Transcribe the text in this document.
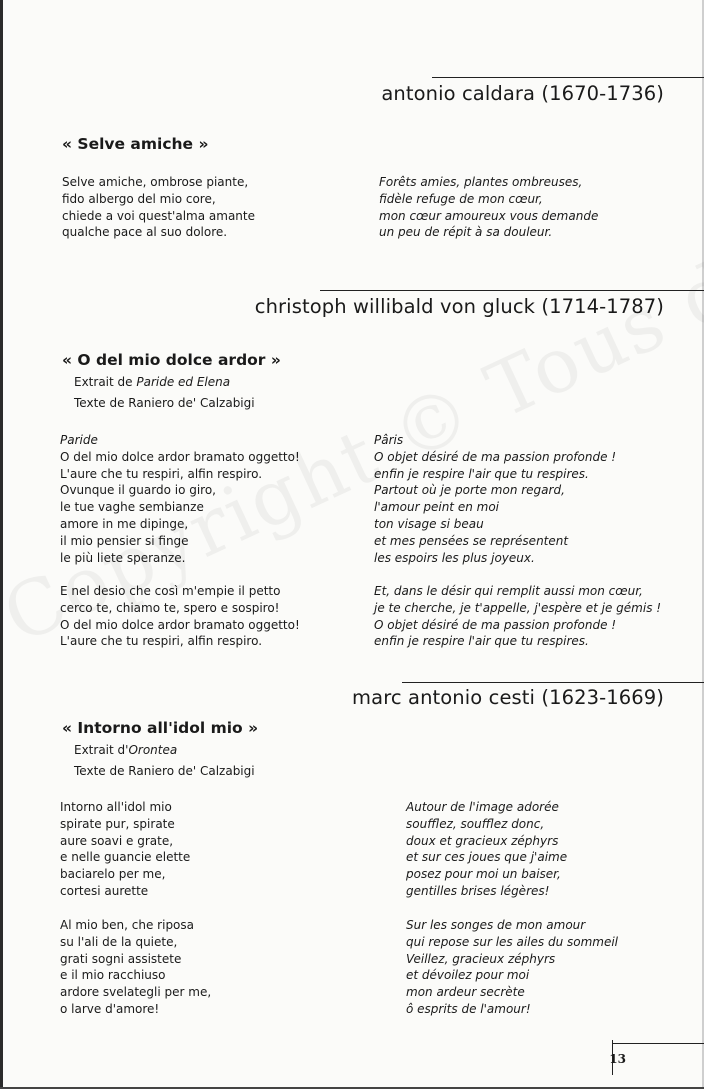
antonio caldara (1670-1736)
« Selve amiche »
Selve amiche, ombrose piante,
fido albergo del mio core,
chiede a voi quest'alma amante
qualche pace al suo dolore.
Forêts amies, plantes ombreuses,
fidèle refuge de mon cœur,
mon cœur amoureux vous demande
un peu de répit à sa douleur.
christoph willibald von gluck (1714-1787)
« O del mio dolce ardor »
Extrait de Paride ed Elena
Texte de Raniero de' Calzabigi
Paride
O del mio dolce ardor bramato oggetto!
L'aure che tu respiri, alfin respiro.
Ovunque il guardo io giro,
le tue vaghe sembianze
amore in me dipinge,
il mio pensier si finge
le più liete speranze.
E nel desio che così m'empie il petto
cerco te, chiamo te, spero e sospiro!
O del mio dolce ardor bramato oggetto!
L'aure che tu respiri, alfin respiro.
Pâris
O objet désiré de ma passion profonde !
enfin je respire l'air que tu respires.
Partout où je porte mon regard,
l'amour peint en moi
ton visage si beau
et mes pensées se représentent
les espoirs les plus joyeux.
Et, dans le désir qui remplit aussi mon cœur,
je te cherche, je t'appelle, j'espère et je gémis !
O objet désiré de ma passion profonde !
enfin je respire l'air que tu respires.
marc antonio cesti (1623-1669)
« Intorno all'idol mio »
Extrait d'Orontea
Texte de Raniero de' Calzabigi
Intorno all'idol mio
spirate pur, spirate
aure soavi e grate,
e nelle guancie elette
baciarelo per me,
cortesi aurette
Al mio ben, che riposa
su l'ali de la quiete,
grati sogni assistete
e il mio racchiuso
ardore svelategli per me,
o larve d'amore!
Autour de l'image adorée
soufflez, soufflez donc,
doux et gracieux zéphyrs
et sur ces joues que j'aime
posez pour moi un baiser,
gentilles brises légères!
Sur les songes de mon amour
qui repose sur les ailes du sommeil
Veillez, gracieux zéphyrs
et dévoilez pour moi
mon ardeur secrète
ô esprits de l'amour!
13
